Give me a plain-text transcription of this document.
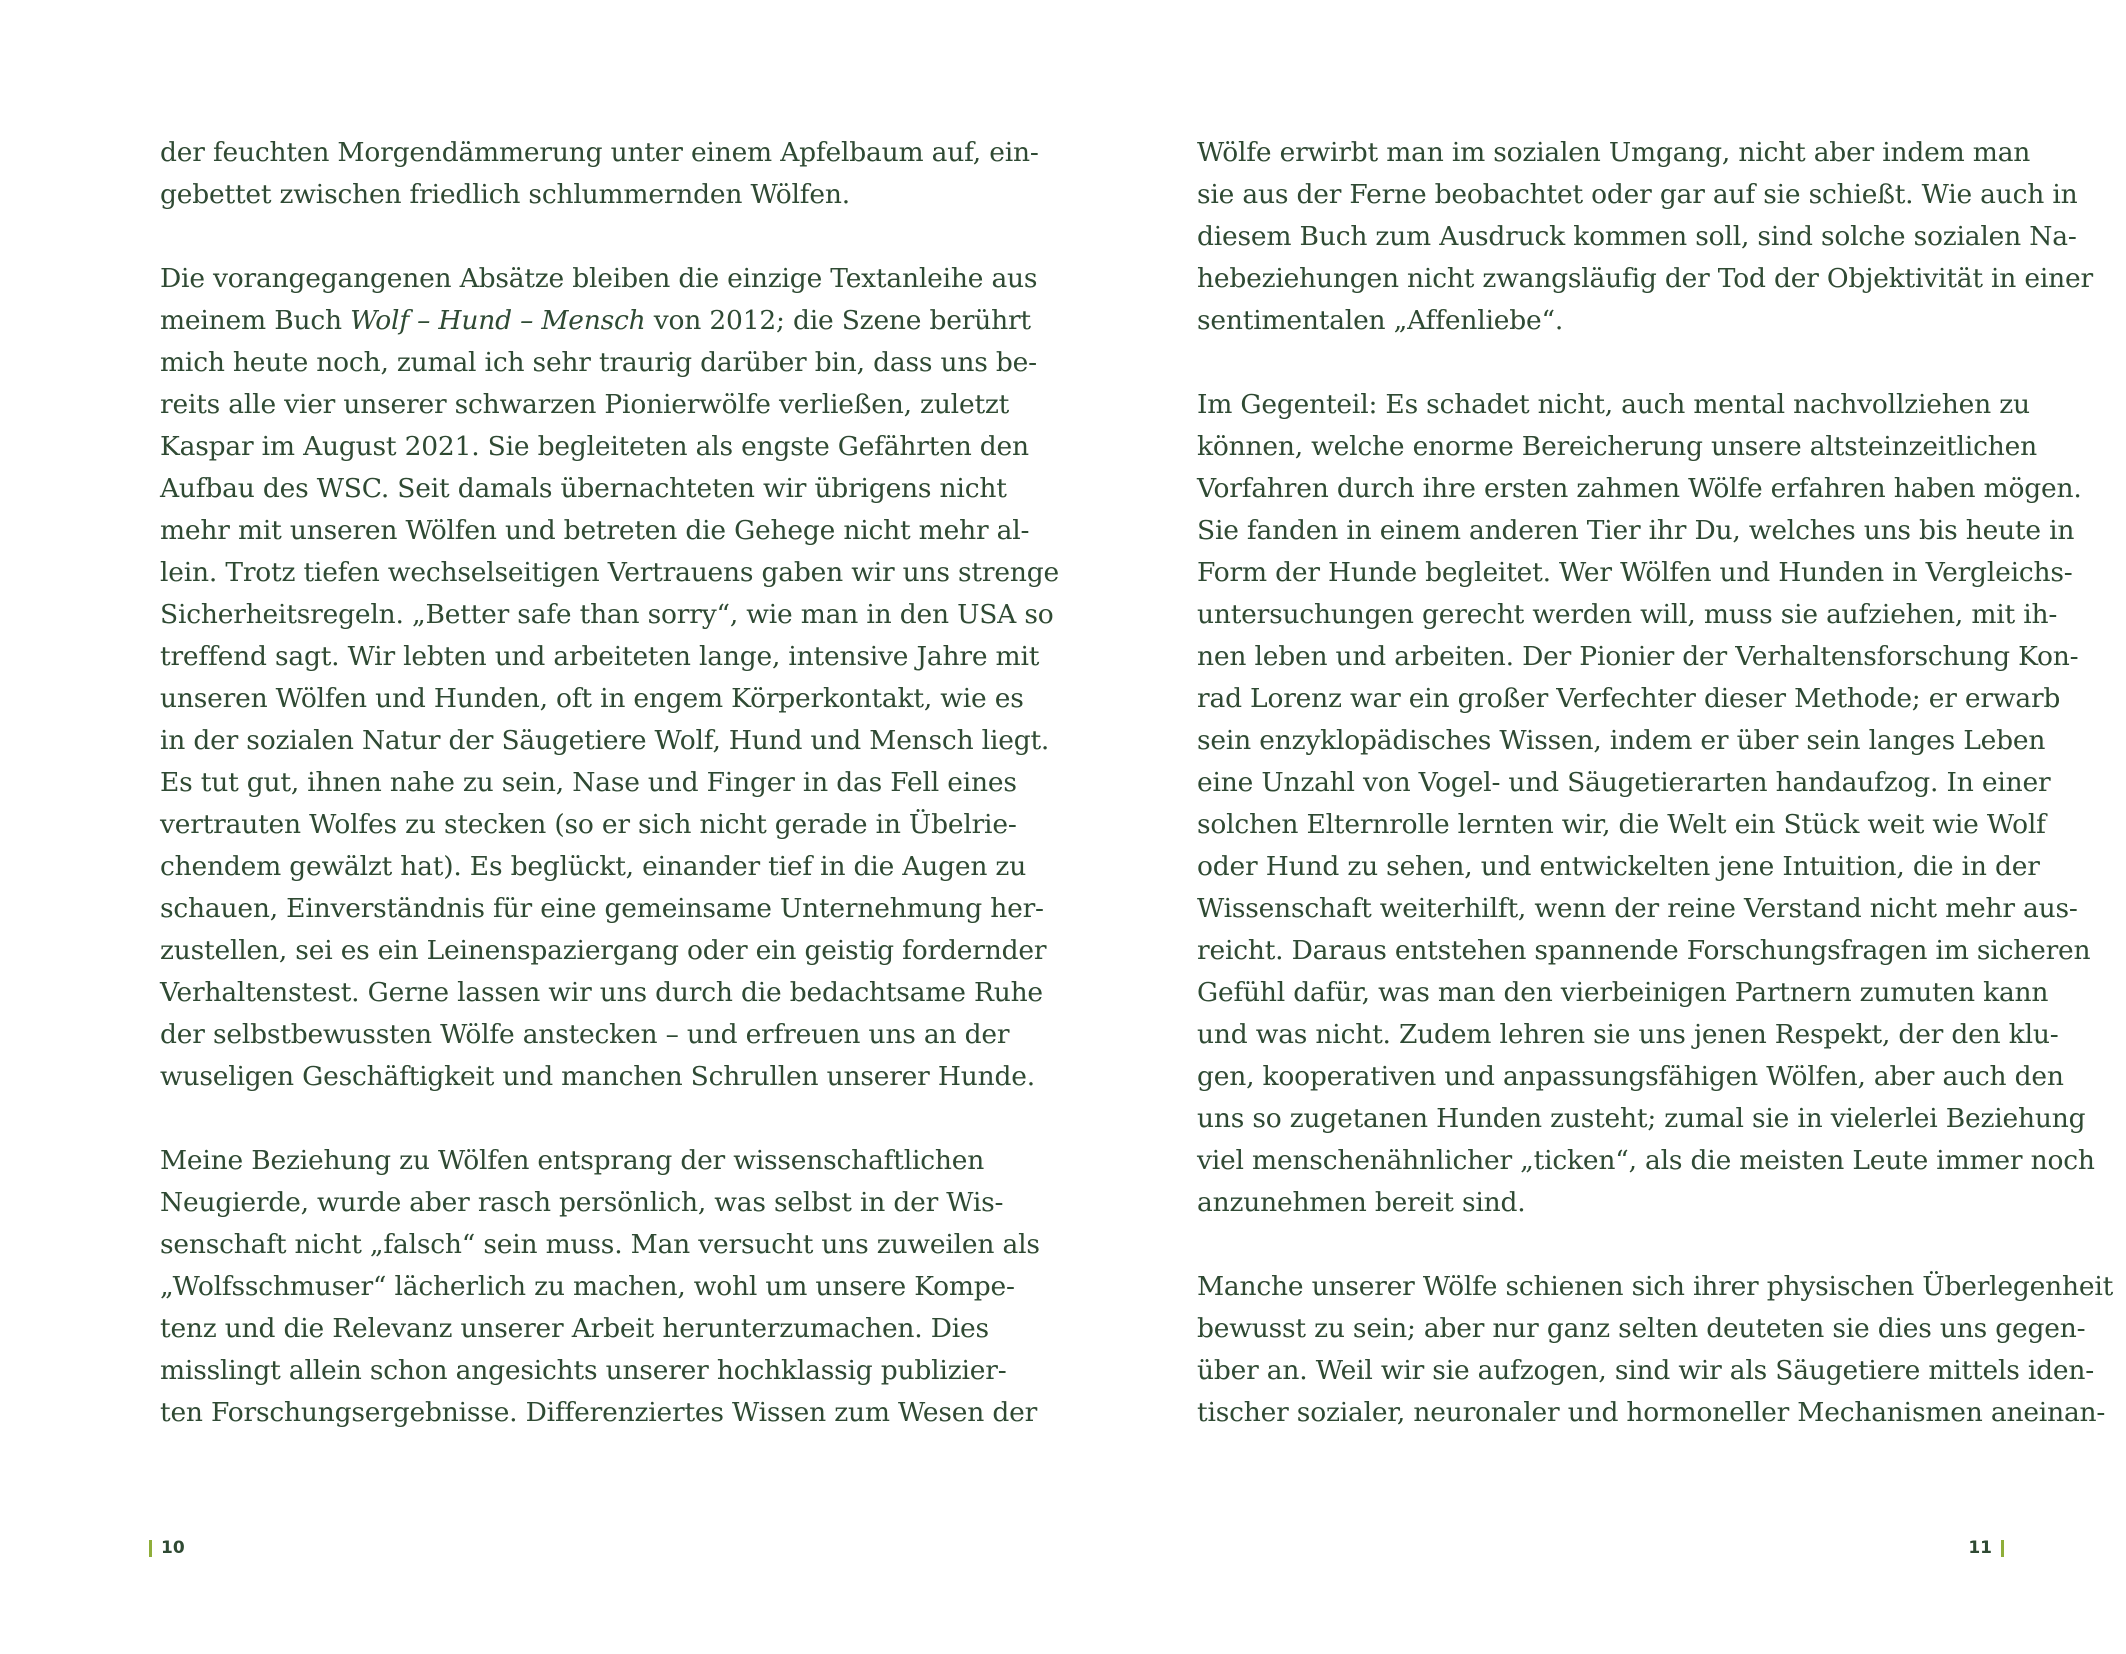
der feuchten Morgendämmerung unter einem Apfelbaum auf, ein-
gebettet zwischen friedlich schlummernden Wölfen.
Die vorangegangenen Absätze bleiben die einzige Textanleihe aus
meinem Buch Wolf – Hund – Mensch von 2012; die Szene berührt
mich heute noch, zumal ich sehr traurig darüber bin, dass uns be-
reits alle vier unserer schwarzen Pionierwölfe verließen, zuletzt
Kaspar im August 2021. Sie begleiteten als engste Gefährten den
Aufbau des WSC. Seit damals übernachteten wir übrigens nicht
mehr mit unseren Wölfen und betreten die Gehege nicht mehr al-
lein. Trotz tiefen wechselseitigen Vertrauens gaben wir uns strenge
Sicherheitsregeln. „Better safe than sorry“, wie man in den USA so
treffend sagt. Wir lebten und arbeiteten lange, intensive Jahre mit
unseren Wölfen und Hunden, oft in engem Körperkontakt, wie es
in der sozialen Natur der Säugetiere Wolf, Hund und Mensch liegt.
Es tut gut, ihnen nahe zu sein, Nase und Finger in das Fell eines
vertrauten Wolfes zu stecken (so er sich nicht gerade in Übelrie-
chendem gewälzt hat). Es beglückt, einander tief in die Augen zu
schauen, Einverständnis für eine gemeinsame Unternehmung her-
zustellen, sei es ein Leinenspaziergang oder ein geistig fordernder
Verhaltenstest. Gerne lassen wir uns durch die bedachtsame Ruhe
der selbstbewussten Wölfe anstecken – und erfreuen uns an der
wuseligen Geschäftigkeit und manchen Schrullen unserer Hunde.
Meine Beziehung zu Wölfen entsprang der wissenschaftlichen
Neugierde, wurde aber rasch persönlich, was selbst in der Wis-
senschaft nicht „falsch“ sein muss. Man versucht uns zuweilen als
„Wolfsschmuser“ lächerlich zu machen, wohl um unsere Kompe-
tenz und die Relevanz unserer Arbeit herunterzumachen. Dies
misslingt allein schon angesichts unserer hochklassig publizier-
ten Forschungsergebnisse. Differenziertes Wissen zum Wesen der
10
Wölfe erwirbt man im sozialen Umgang, nicht aber indem man
sie aus der Ferne beobachtet oder gar auf sie schießt. Wie auch in
diesem Buch zum Ausdruck kommen soll, sind solche sozialen Na-
hebeziehungen nicht zwangsläufig der Tod der Objektivität in einer
sentimentalen „Affenliebe“.
Im Gegenteil: Es schadet nicht, auch mental nachvollziehen zu
können, welche enorme Bereicherung unsere altsteinzeitlichen
Vorfahren durch ihre ersten zahmen Wölfe erfahren haben mögen.
Sie fanden in einem anderen Tier ihr Du, welches uns bis heute in
Form der Hunde begleitet. Wer Wölfen und Hunden in Vergleichs-
untersuchungen gerecht werden will, muss sie aufziehen, mit ih-
nen leben und arbeiten. Der Pionier der Verhaltensforschung Kon-
rad Lorenz war ein großer Verfechter dieser Methode; er erwarb
sein enzyklopädisches Wissen, indem er über sein langes Leben
eine Unzahl von Vogel- und Säugetierarten handaufzog. In einer
solchen Elternrolle lernten wir, die Welt ein Stück weit wie Wolf
oder Hund zu sehen, und entwickelten jene Intuition, die in der
Wissenschaft weiterhilft, wenn der reine Verstand nicht mehr aus-
reicht. Daraus entstehen spannende Forschungsfragen im sicheren
Gefühl dafür, was man den vierbeinigen Partnern zumuten kann
und was nicht. Zudem lehren sie uns jenen Respekt, der den klu-
gen, kooperativen und anpassungsfähigen Wölfen, aber auch den
uns so zugetanen Hunden zusteht; zumal sie in vielerlei Beziehung
viel menschenähnlicher „ticken“, als die meisten Leute immer noch
anzunehmen bereit sind.
Manche unserer Wölfe schienen sich ihrer physischen Überlegenheit
bewusst zu sein; aber nur ganz selten deuteten sie dies uns gegen-
über an. Weil wir sie aufzogen, sind wir als Säugetiere mittels iden-
tischer sozialer, neuronaler und hormoneller Mechanismen aneinan-
11
